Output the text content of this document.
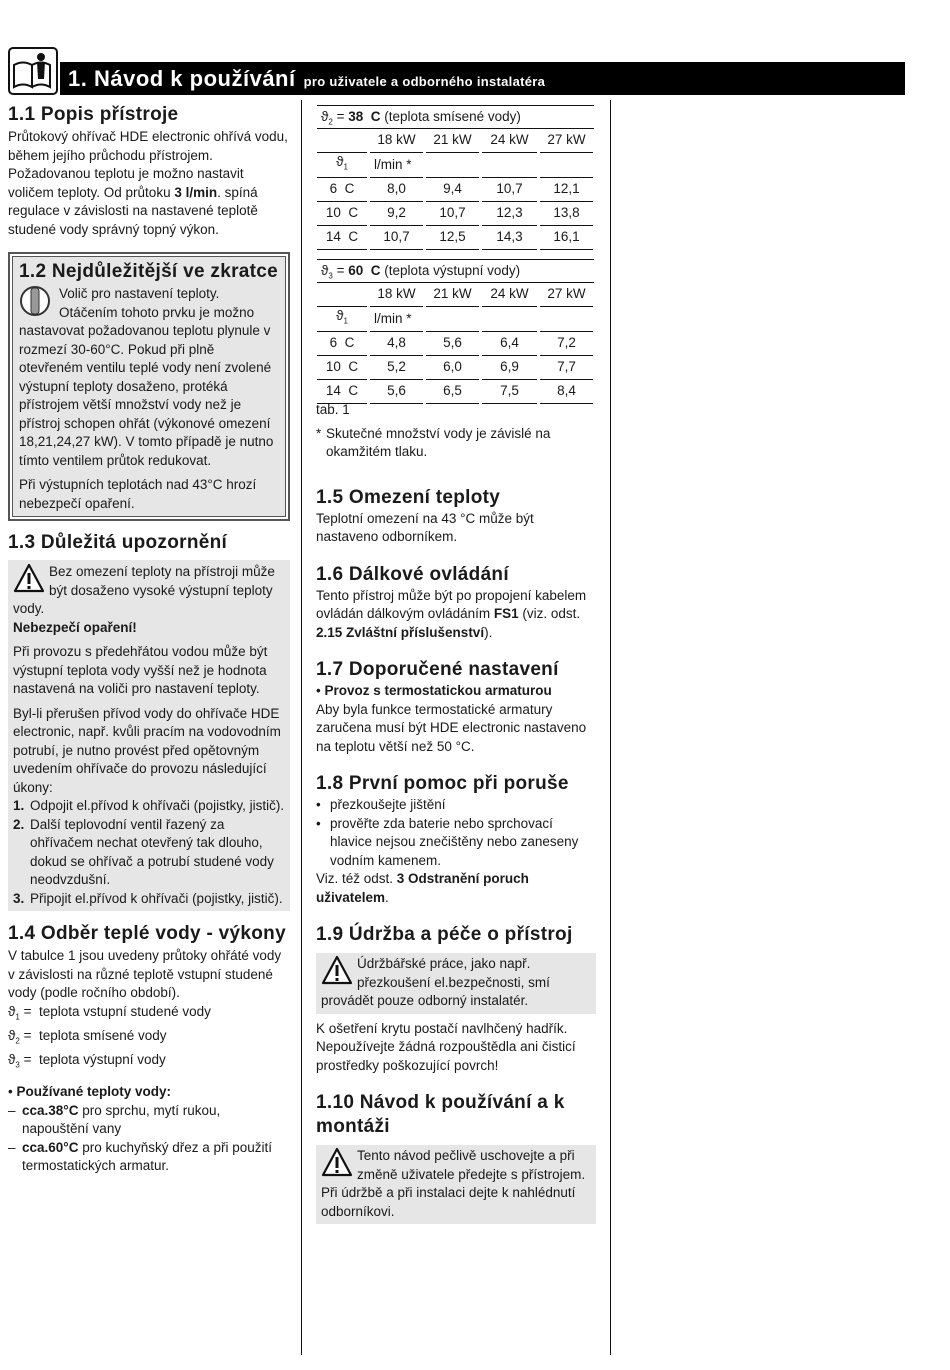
1. Návod k používání pro uživatele a odborného instalatéra
1.1 Popis přístroje

Průtokový ohřívač HDE electronic ohřívá vodu, během jejího průchodu přístrojem. Požadovanou teplotu je možno nastavit voličem teploty. Od průtoku 3 l/min. spíná regulace v závislosti na nastavené teplotě studené vody správný topný výkon.

1.2 Nejdůležitější ve zkratce

Volič pro nastavení teploty. Otáčením tohoto prvku je možno nastavovat požadovanou teplotu plynule v rozmezí 30-60°C. Pokud při plně otevřeném ventilu teplé vody není zvolené výstupní teploty dosaženo, protéká přístrojem větší množství vody než je přístroj schopen ohřát (výkonové omezení 18,21,24,27 kW). V tomto případě je nutno tímto ventilem průtok redukovat.

Při výstupních teplotách nad 43°C hrozí nebezpečí opaření.

1.3 Důležitá upozornění

Bez omezení teploty na přístroji může být dosaženo vysoké výstupní teploty vody.

Nebezpečí opaření!

Při provozu s předehřátou vodou může být výstupní teplota vody vyšší než je hodnota nastavená na voliči pro nastavení teploty.

Byl-li přerušen přívod vody do ohřívače HDE electronic, např. kvůli pracím na vodovodním potrubí, je nutno provést před opětovným uvedením ohřívače do provozu následující úkony:

1. Odpojit el.přívod k ohřívači (pojistky, jistič).
2. Další teplovodní ventil řazený za ohřívačem nechat otevřený tak dlouho, dokud se ohřívač a potrubí studené vody neodvzdušní.
3. Připojit el.přívod k ohřívači (pojistky, jistič).
1.4 Odběr teplé vody - výkony

V tabulce 1 jsou uvedeny průtoky ohřáté vody v závislosti na různé teplotě vstupní studené vody (podle ročního období).

$ϑ_1$ =  teplota vstupní studené vody
$ϑ_2$ =  teplota smísené vody
$ϑ_3$ =  teplota výstupní vody

• Používané teploty vody:

– cca.38°C pro sprchu, mytí rukou, napouštění vany
– cca.60°C pro kuchyňský dřez a při použití termostatických armatur.
$ϑ_2 = 38$ C (teplota smísené vody)
	18 kW	21 kW	24 kW	27 kW
$ϑ_1$	l/min *			
6 C	8,0	9,4	10,7	12,1
10 C	9,2	10,7	12,3	13,8
14 C	10,7	12,5	14,3	16,1
$ϑ_3 = 60$ C (teplota výstupní vody)
	18 kW	21 kW	24 kW	27 kW
$ϑ_1$	l/min *			
6 C	4,8	5,6	6,4	7,2
10 C	5,2	6,0	6,9	7,7
14 C	5,6	6,5	7,5	8,4

tab. 1

* Skutečné množství vody je závislé na okamžitém tlaku.
1.5 Omezení teploty

Teplotní omezení na 43 °C může být nastaveno odborníkem.

1.6 Dálkové ovládání

Tento přístroj může být po propojení kabelem ovládán dálkovým ovládáním FS1 (viz. odst. 2.15 Zvláštní příslušenství).

1.7 Doporučené nastavení

• Provoz s termostatickou armaturou

Aby byla funkce termostatické armatury zaručena musí být HDE electronic nastaveno na teplotu větší než 50 °C.

1.8 První pomoc při poruše
• přezkoušejte jištění
• prověřte zda baterie nebo sprchovací hlavice nejsou znečištěny nebo zaneseny vodním kamenem.

Viz. též odst. 3 Odstranění poruch uživatelem.

1.9 Údržba a péče o přístroj

Údržbářské práce, jako např. přezkoušení el.bezpečnosti, smí provádět pouze odborný instalatér.

K ošetření krytu postačí navlhčený hadřík. Nepoužívejte žádná rozpouštědla ani čisticí prostředky poškozující povrch!

1.10 Návod k používání a k montáži

Tento návod pečlivě uschovejte a při změně uživatele předejte s přístrojem. Při údržbě a při instalaci dejte k nahlédnutí odborníkovi.
